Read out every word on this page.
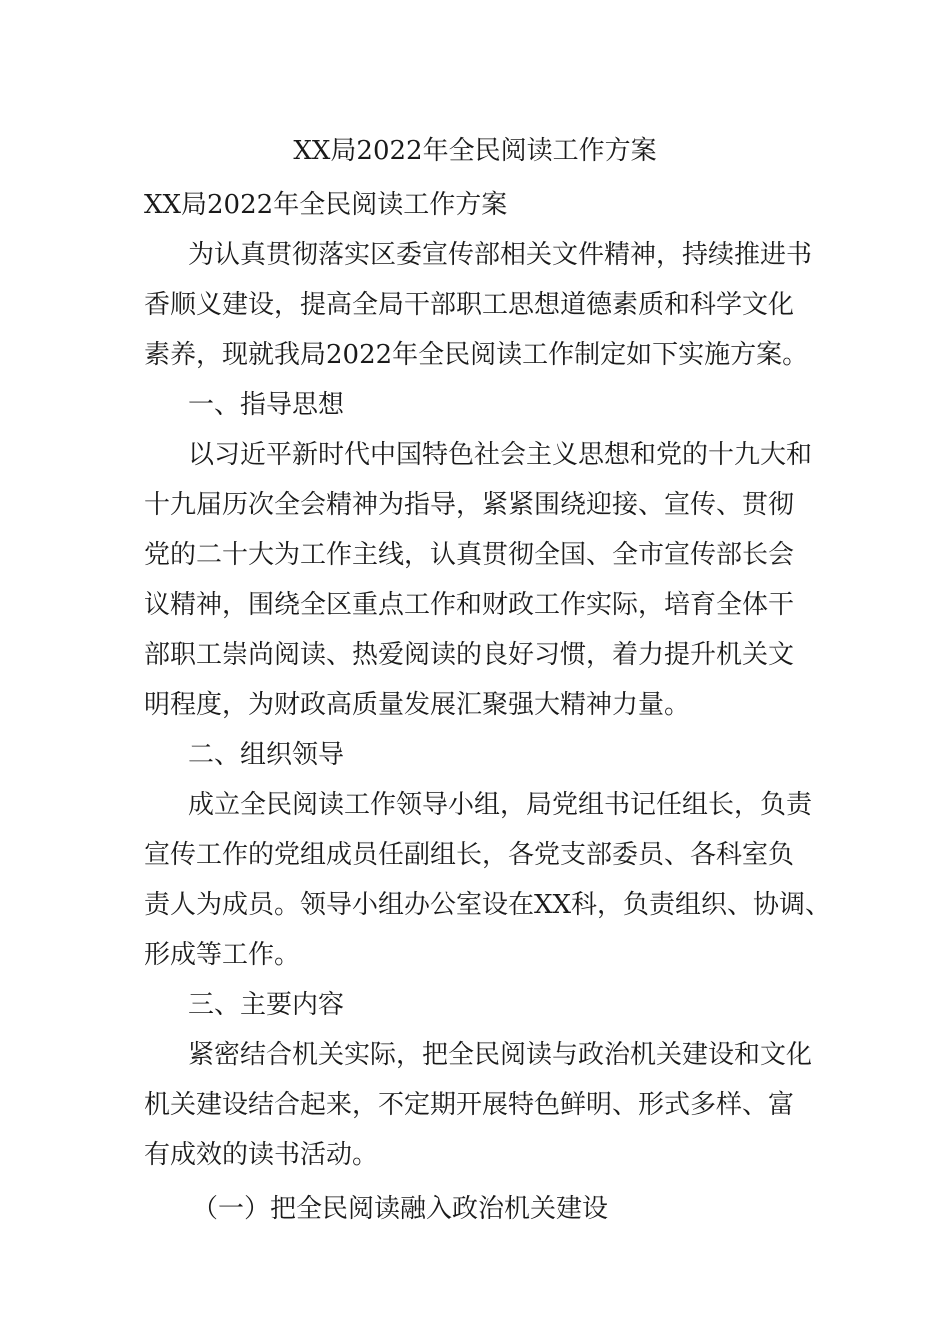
XX局2022年全民阅读工作方案

XX局2022年全民阅读工作方案

为认真贯彻落实区委宣传部相关文件精神，持续推进书

香顺义建设，提高全局干部职工思想道德素质和科学文化

素养，现就我局2022年全民阅读工作制定如下实施方案。

一、指导思想

以习近平新时代中国特色社会主义思想和党的十九大和

十九届历次全会精神为指导，紧紧围绕迎接、宣传、贯彻

党的二十大为工作主线，认真贯彻全国、全市宣传部长会

议精神，围绕全区重点工作和财政工作实际，培育全体干

部职工崇尚阅读、热爱阅读的良好习惯，着力提升机关文

明程度，为财政高质量发展汇聚强大精神力量。

二、组织领导

成立全民阅读工作领导小组，局党组书记任组长，负责

宣传工作的党组成员任副组长，各党支部委员、各科室负

责人为成员。领导小组办公室设在XX科，负责组织、协调、

形成等工作。

三、主要内容

紧密结合机关实际，把全民阅读与政治机关建设和文化

机关建设结合起来，不定期开展特色鲜明、形式多样、富

有成效的读书活动。

（一）把全民阅读融入政治机关建设
